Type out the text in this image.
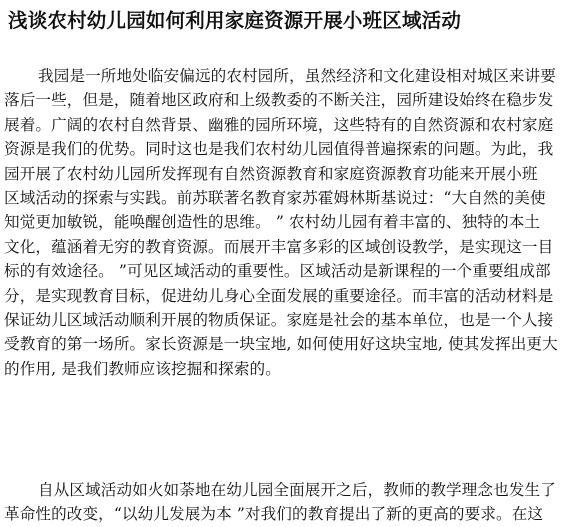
浅谈农村幼儿园如何利用家庭资源开展小班区域活动
我园是一所地处临安偏远的农村园所，虽然经济和文化建设相对城区来讲要
落后一些，但是，随着地区政府和上级教委的不断关注，园所建设始终在稳步发
展着。广阔的农村自然背景、幽雅的园所环境，这些特有的自然资源和农村家庭
资源是我们的优势。同时这也是我们农村幼儿园值得普遍探索的问题。为此，我
园开展了农村幼儿园所发挥现有自然资源教育和家庭资源教育功能来开展小班
区域活动的探索与实践。前苏联著名教育家苏霍姆林斯基说过：“大自然的美使
知觉更加敏锐，能唤醒创造性的思维。 ” 农村幼儿园有着丰富的、独特的本土
文化，蕴涵着无穷的教育资源。而展开丰富多彩的区域创设教学，是实现这一目
标的有效途径。 ”可见区域活动的重要性。区域活动是新课程的一个重要组成部
分，是实现教育目标，促进幼儿身心全面发展的重要途径。而丰富的活动材料是
保证幼儿区域活动顺利开展的物质保证。家庭是社会的基本单位，也是一个人接
受教育的第一场所。家长资源是一块宝地, 如何使用好这块宝地, 使其发挥出更大
的作用, 是我们教师应该挖掘和探索的。
自从区域活动如火如荼地在幼儿园全面展开之后，教师的教学理念也发生了
革命性的改变，“以幼儿发展为本 ”对我们的教育提出了新的更高的要求。在这
